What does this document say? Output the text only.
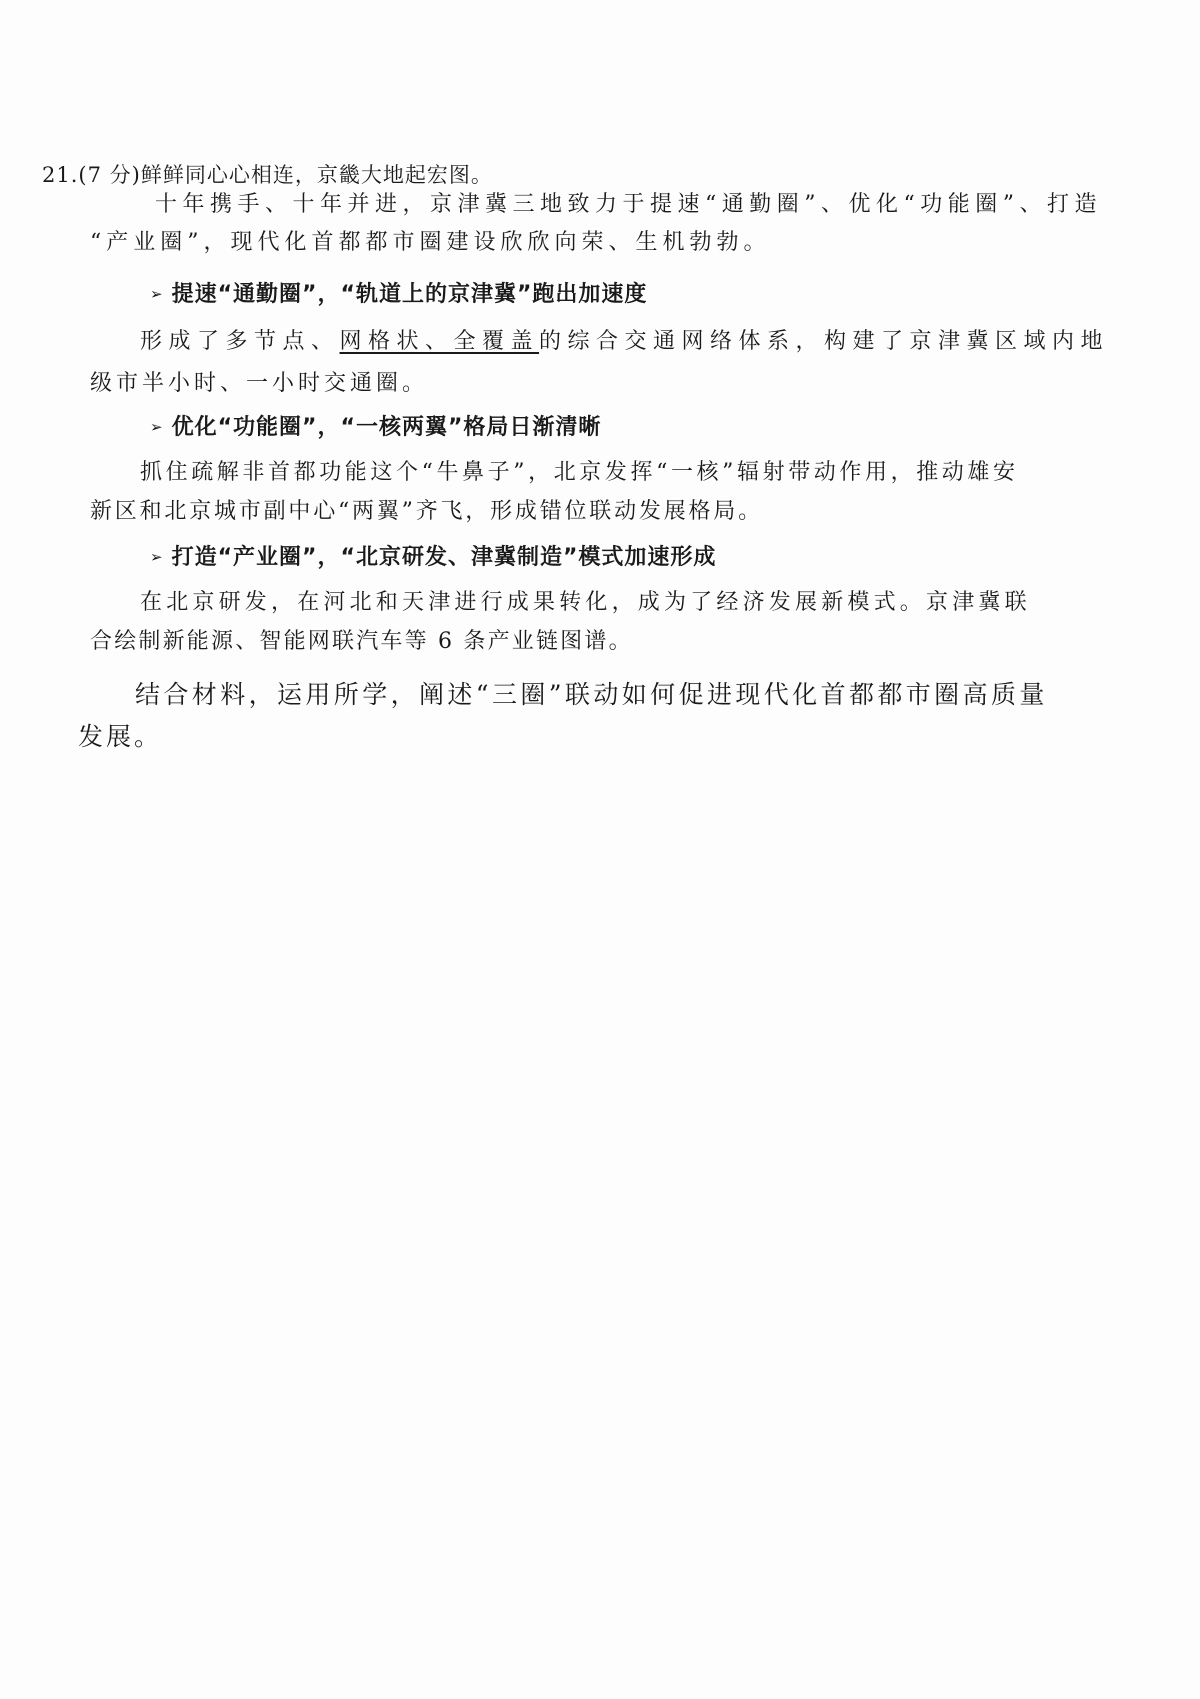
21.(7 分)鲜鲜同心心相连，京畿大地起宏图。
十年携手、十年并进，京津冀三地致力于提速“通勤圈”、优化“功能圈”、打造
“产业圈”，现代化首都都市圈建设欣欣向荣、生机勃勃。
➢ 提速“通勤圈”，“轨道上的京津冀”跑出加速度
形成了多节点、网格状、全覆盖的综合交通网络体系，构建了京津冀区域内地
级市半小时、一小时交通圈。
➢ 优化“功能圈”，“一核两翼”格局日渐清晰
抓住疏解非首都功能这个“牛鼻子”，北京发挥“一核”辐射带动作用，推动雄安
新区和北京城市副中心“两翼”齐飞，形成错位联动发展格局。
➢ 打造“产业圈”，“北京研发、津冀制造”模式加速形成
在北京研发，在河北和天津进行成果转化，成为了经济发展新模式。京津冀联
合绘制新能源、智能网联汽车等 6 条产业链图谱。
结合材料，运用所学，阐述“三圈”联动如何促进现代化首都都市圈高质量
发展。
